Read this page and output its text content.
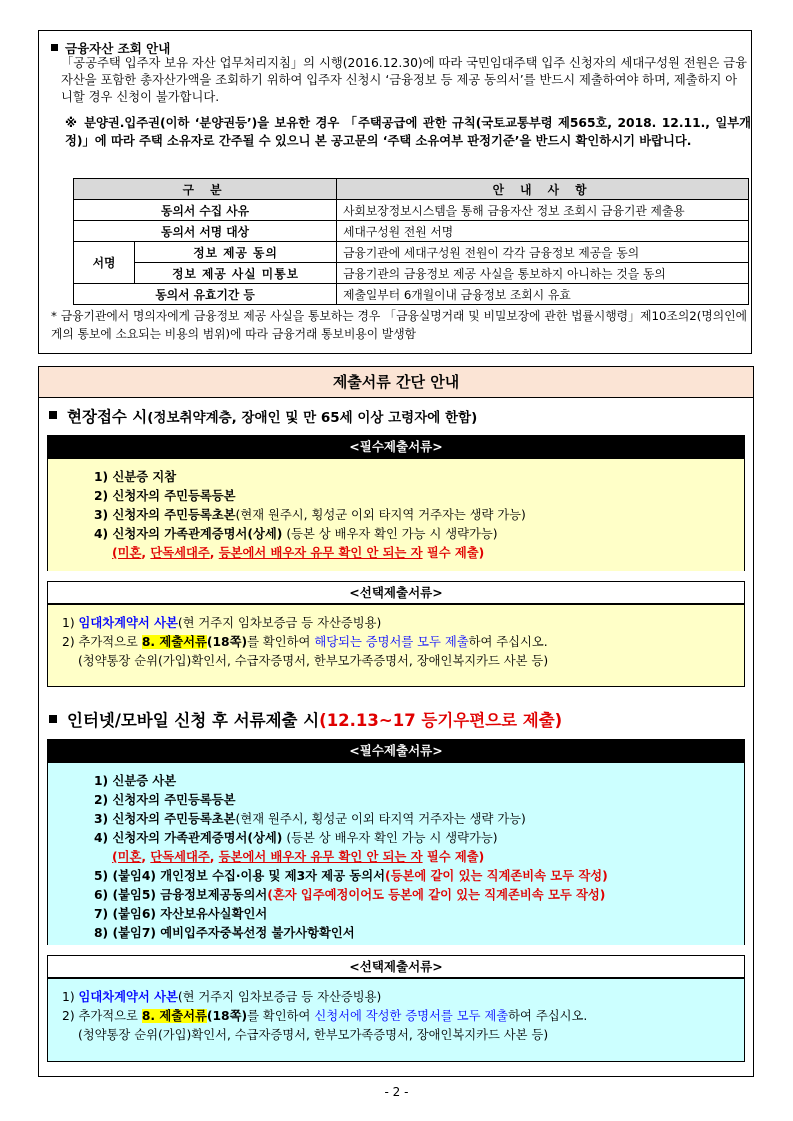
금융자산 조회 안내
「공공주택 입주자 보유 자산 업무처리지침」의 시행(2016.12.30)에 따라 국민임대주택 입주 신청자의 세대구성원 전원은 금융자산을 포함한 총자산가액을 조회하기 위하여 입주자 신청시 ‘금융정보 등 제공 동의서’를 반드시 제출하여야 하며, 제출하지 아니할 경우 신청이 불가합니다.
※ 분양권.입주권(이하 ‘분양권등’)을 보유한 경우 「주택공급에 관한 규칙(국토교통부령 제565호, 2018. 12.11., 일부개정)」에 따라 주택 소유자로 간주될 수 있으니 본 공고문의 ‘주택 소유여부 판정기준’을 반드시 확인하시기 바랍니다.
구 분		안 내 사 항
동의서 수집 사유		사회보장정보시스템을 통해 금융자산 정보 조회시 금융기관 제출용
동의서 서명 대상		세대구성원 전원 서명
서명	정보 제공 동의	금융기관에 세대구성원 전원이 각각 금융정보 제공을 동의
	정보 제공 사실 미통보	금융기관의 금융정보 제공 사실을 통보하지 아니하는 것을 동의
동의서 유효기간 등		제출일부터 6개월이내 금융정보 조회시 유효
* 금융기관에서 명의자에게 금융정보 제공 사실을 통보하는 경우 「금융실명거래 및 비밀보장에 관한 법률시행령」제10조의2(명의인에게의 통보에 소요되는 비용의 범위)에 따라 금융거래 통보비용이 발생함
제출서류 간단 안내
현장접수 시(정보취약계층, 장애인 및 만 65세 이상 고령자에 한함)
<필수제출서류>
1) 신분증 지참
2) 신청자의 주민등록등본
3) 신청자의 주민등록초본(현재 원주시, 횡성군 이외 타지역 거주자는 생략 가능)
4) 신청자의 가족관계증명서(상세) (등본 상 배우자 확인 가능 시 생략가능)
(미혼, 단독세대주, 등본에서 배우자 유무 확인 안 되는 자 필수 제출)
<선택제출서류>
1) 임대차계약서 사본(현 거주지 임차보증금 등 자산증빙용)
2) 추가적으로 8. 제출서류(18쪽)를 확인하여 해당되는 증명서를 모두 제출하여 주십시오.
(청약통장 순위(가입)확인서, 수급자증명서, 한부모가족증명서, 장애인복지카드 사본 등)
인터넷/모바일 신청 후 서류제출 시(12.13~17 등기우편으로 제출)
<필수제출서류>
1) 신분증 사본
2) 신청자의 주민등록등본
3) 신청자의 주민등록초본(현재 원주시, 횡성군 이외 타지역 거주자는 생략 가능)
4) 신청자의 가족관계증명서(상세) (등본 상 배우자 확인 가능 시 생략가능)
(미혼, 단독세대주, 등본에서 배우자 유무 확인 안 되는 자 필수 제출)
5) (붙임4) 개인정보 수집·이용 및 제3자 제공 동의서(등본에 같이 있는 직계존비속 모두 작성)
6) (붙임5) 금융정보제공동의서(혼자 입주예정이어도 등본에 같이 있는 직계존비속 모두 작성)
7) (붙임6) 자산보유사실확인서
8) (붙임7) 예비입주자중복선정 불가사항확인서
<선택제출서류>
1) 임대차계약서 사본(현 거주지 임차보증금 등 자산증빙용)
2) 추가적으로 8. 제출서류(18쪽)를 확인하여 신청서에 작성한 증명서를 모두 제출하여 주십시오.
(청약통장 순위(가입)확인서, 수급자증명서, 한부모가족증명서, 장애인복지카드 사본 등)
- 2 -
